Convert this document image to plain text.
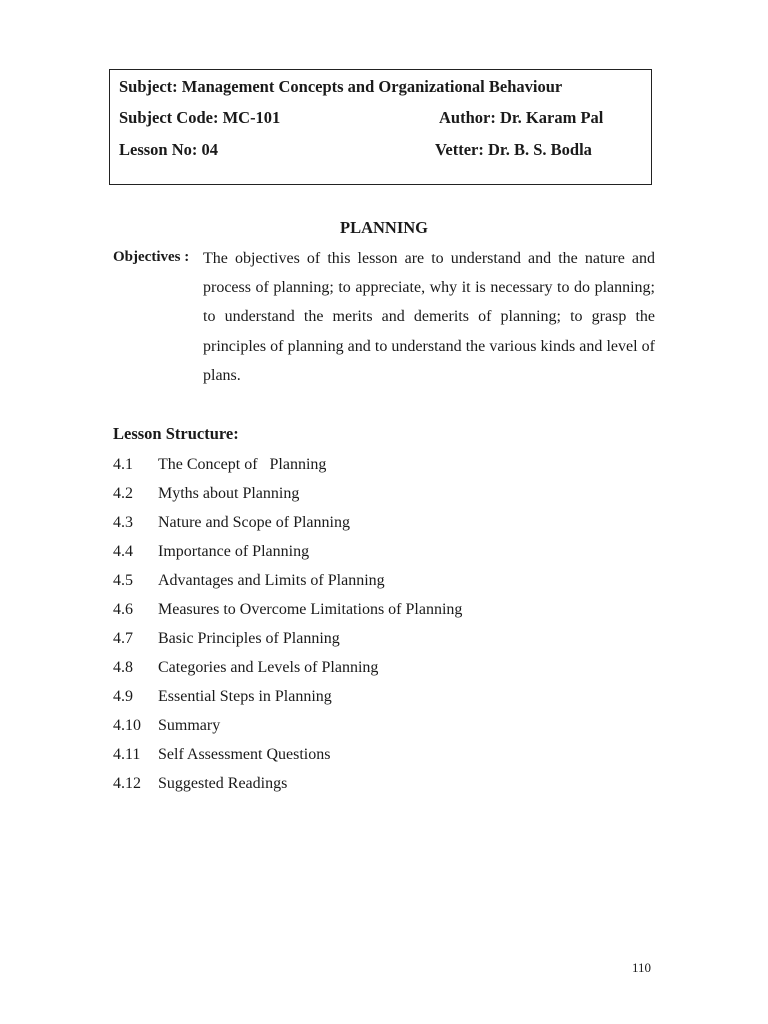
Subject: Management Concepts and Organizational Behaviour
Subject Code: MC-101	Author: Dr. Karam Pal
Lesson No: 04	Vetter: Dr. B. S. Bodla
PLANNING
Objectives : The objectives of this lesson are to understand and the nature and process of planning; to appreciate, why it is necessary to do planning; to understand the merits and demerits of planning; to grasp the principles of planning and to understand the various kinds and level of plans.
Lesson Structure:
4.1 The Concept of   Planning
4.2 Myths about Planning
4.3 Nature and Scope of Planning
4.4 Importance of Planning
4.5 Advantages and Limits of Planning
4.6 Measures to Overcome Limitations of Planning
4.7 Basic Principles of Planning
4.8 Categories and Levels of Planning
4.9 Essential Steps in Planning
4.10 Summary
4.11 Self Assessment Questions
4.12 Suggested Readings
110
